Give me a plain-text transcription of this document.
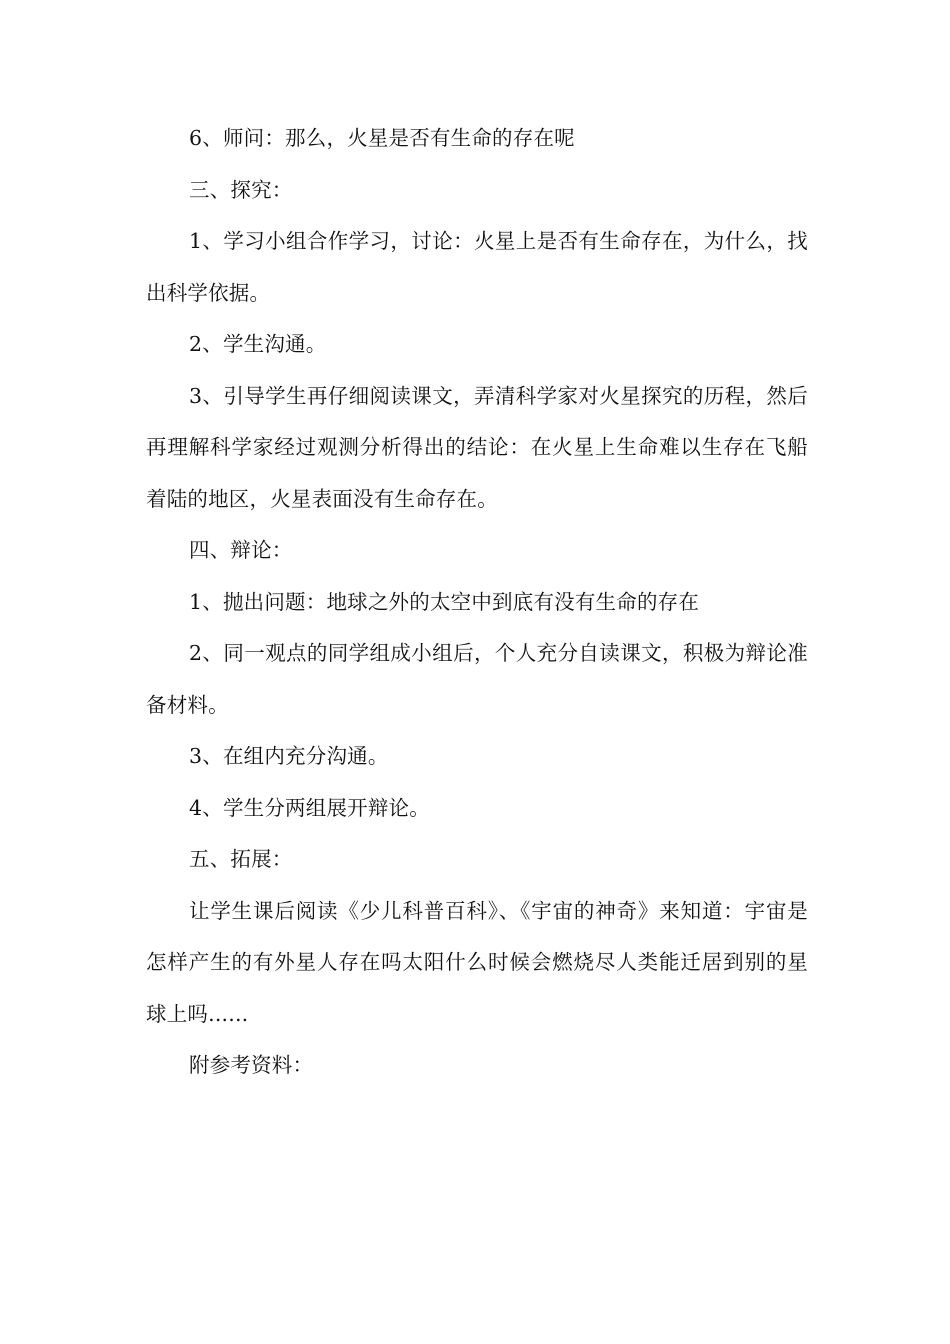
6、师问：那么，火星是否有生命的存在呢

三、探究：

1、学习小组合作学习，讨论：火星上是否有生命存在，为什么，找出科学依据。

2、学生沟通。

3、引导学生再仔细阅读课文，弄清科学家对火星探究的历程，然后再理解科学家经过观测分析得出的结论：在火星上生命难以生存在飞船着陆的地区，火星表面没有生命存在。

四、辩论：

1、抛出问题：地球之外的太空中到底有没有生命的存在

2、同一观点的同学组成小组后，个人充分自读课文，积极为辩论准备材料。

3、在组内充分沟通。

4、学生分两组展开辩论。

五、拓展：

让学生课后阅读《少儿科普百科》、《宇宙的神奇》来知道：宇宙是怎样产生的有外星人存在吗太阳什么时候会燃烧尽人类能迁居到别的星球上吗......

附参考资料：
